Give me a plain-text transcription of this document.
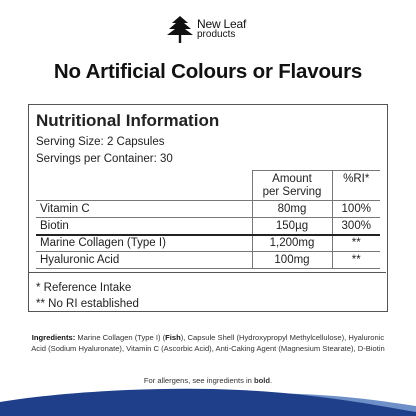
New Leaf
products
No Artificial Colours or Flavours
Nutritional Information
Serving Size: 2 Capsules
Servings per Container: 30
	Amount
per Serving	%RI*
Vitamin C	80mg	100%
Biotin	150µg	300%
Marine Collagen (Type I)	1,200mg	**
Hyaluronic Acid	100mg	**
* Reference Intake
** No RI established
Ingredients: Marine Collagen (Type I) (Fish), Capsule Shell (Hydroxypropyl Methylcellulose), Hyaluronic Acid (Sodium Hyaluronate), Vitamin C (Ascorbic Acid), Anti-Caking Agent (Magnesium Stearate), D-Biotin
For allergens, see ingredients in bold.
